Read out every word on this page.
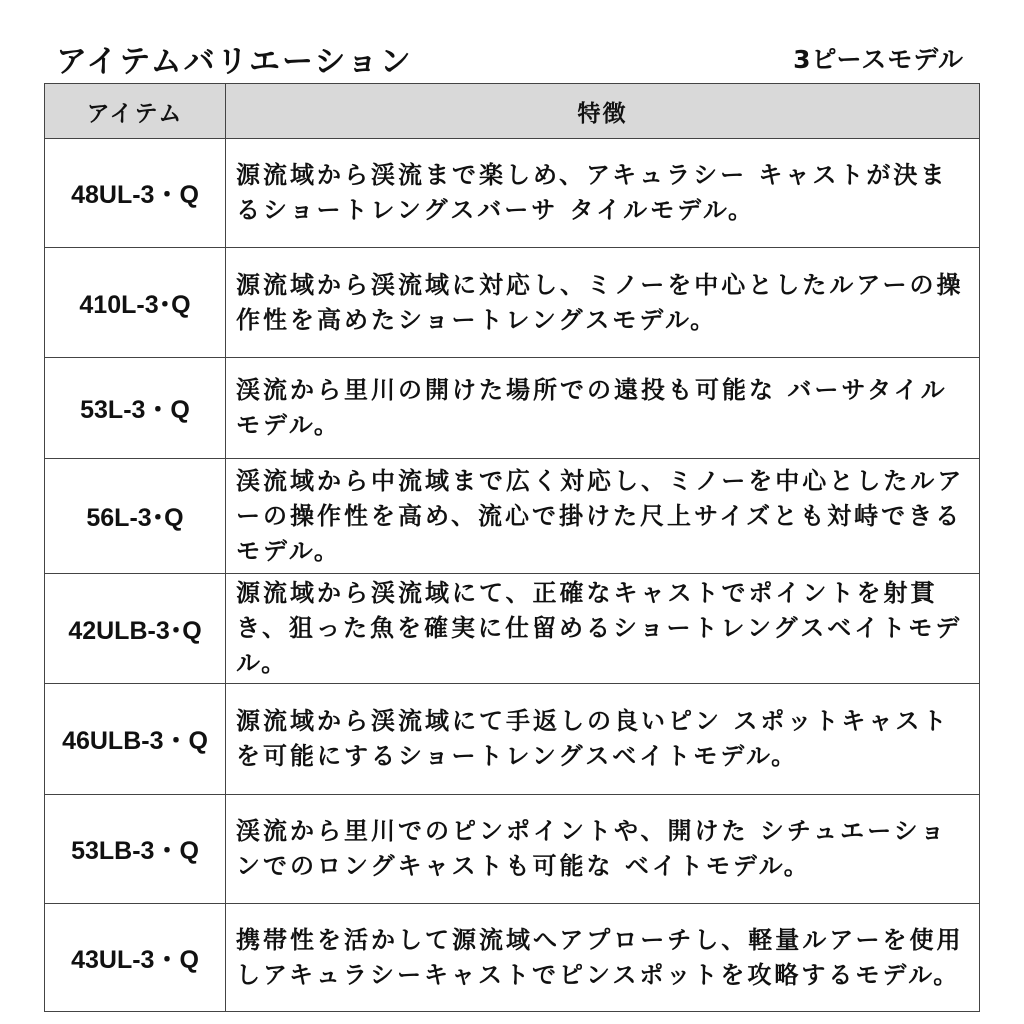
アイテムバリエーション	3ピースモデル
アイテム	特徴
48UL-3・Q	源流域から渓流まで楽しめ、アキュラシー キャストが決まるショートレングスバーサ タイルモデル。
410L-3･Q	源流域から渓流域に対応し、ミノーを中心としたルアーの操作性を高めたショートレングスモデル。
53L-3・Q	渓流から里川の開けた場所での遠投も可能な バーサタイルモデル。
56L-3･Q	渓流域から中流域まで広く対応し、ミノーを中心としたルアーの操作性を高め、流心で掛けた尺上サイズとも対峙できるモデル。
42ULB-3･Q	源流域から渓流域にて、正確なキャストでポイントを射貫き、狙った魚を確実に仕留めるショートレングスベイトモデル。
46ULB-3・Q	源流域から渓流域にて手返しの良いピン スポットキャストを可能にするショートレングスベイトモデル。
53LB-3・Q	渓流から里川でのピンポイントや、開けた シチュエーションでのロングキャストも可能な ベイトモデル。
43UL-3・Q	携帯性を活かして源流域へアプローチし、軽量ルアーを使用しアキュラシーキャストでピンスポットを攻略するモデル。
